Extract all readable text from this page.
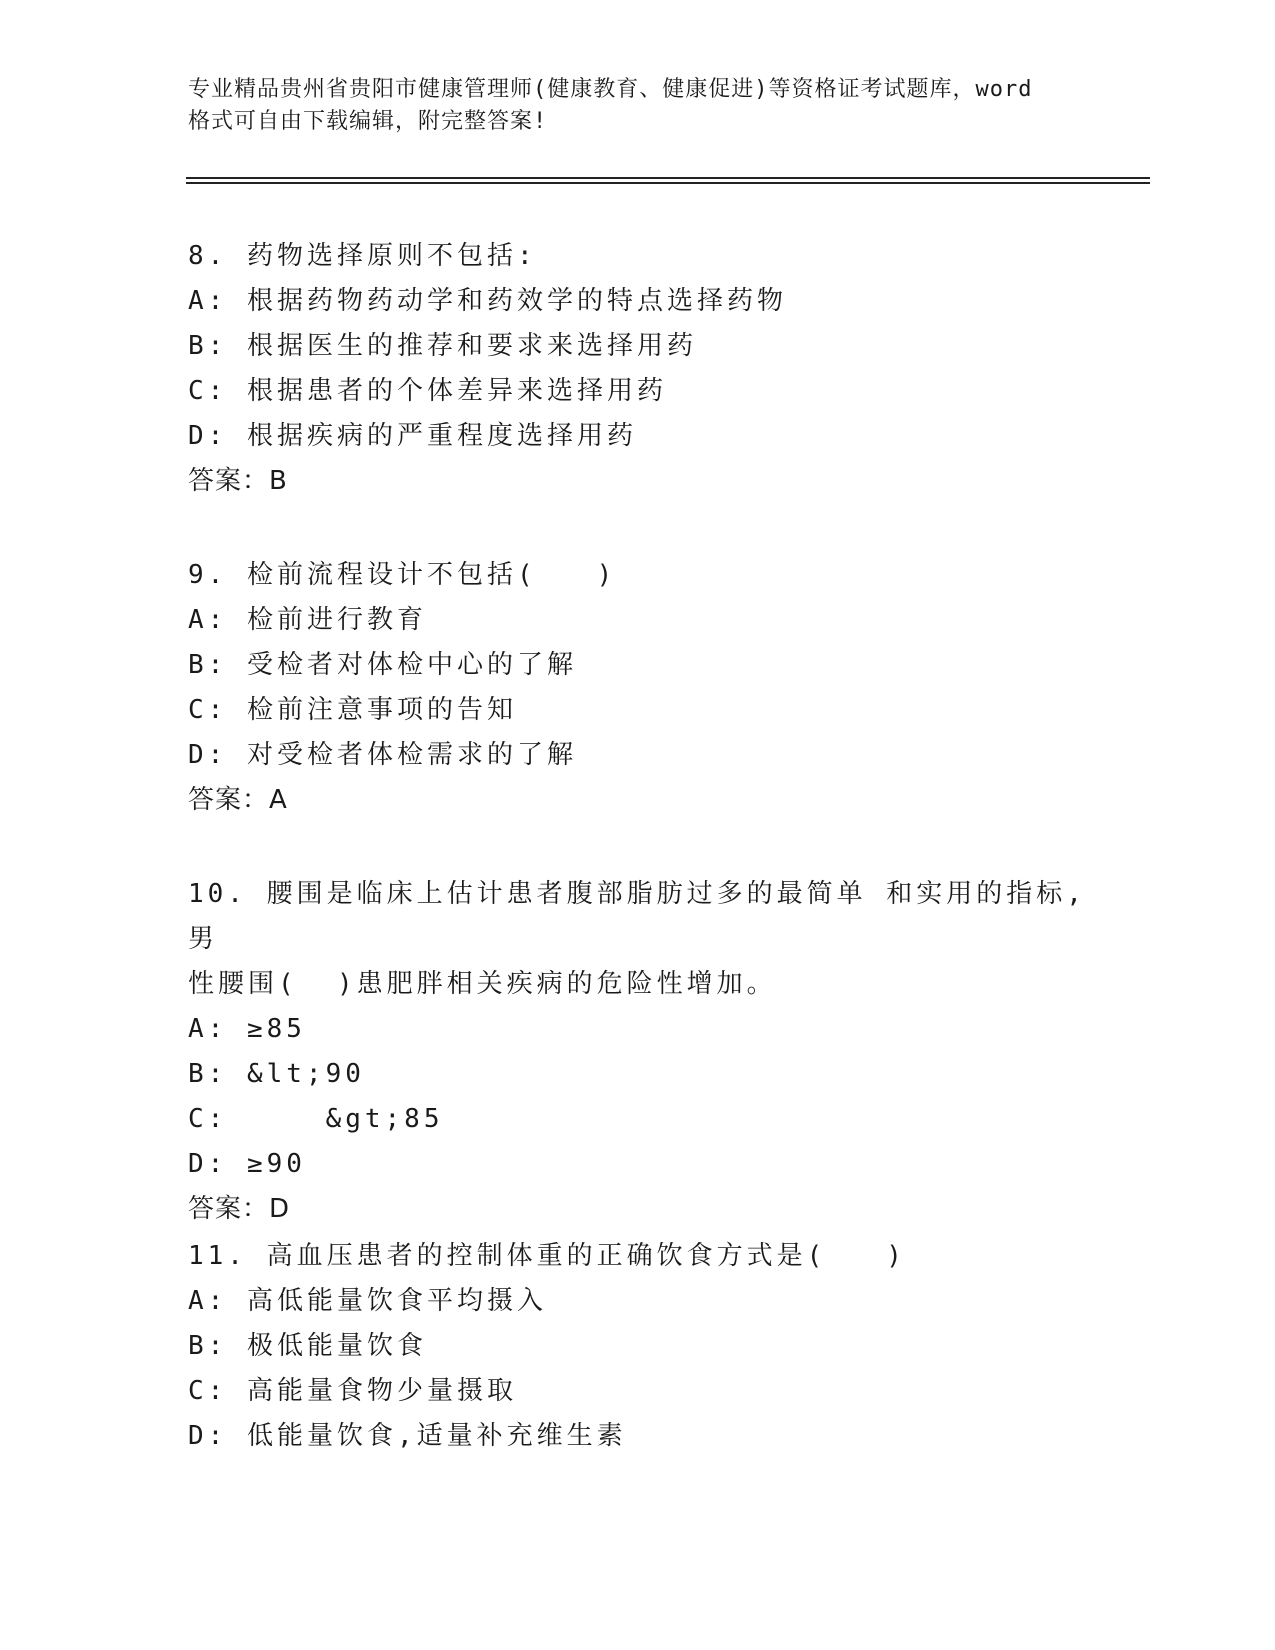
专业精品贵州省贵阳市健康管理师(健康教育、健康促进)等资格证考试题库，word
格式可自由下载编辑，附完整答案!
8. 药物选择原则不包括:
A: 根据药物药动学和药效学的特点选择药物
B: 根据医生的推荐和要求来选择用药
C: 根据患者的个体差异来选择用药
D: 根据疾病的严重程度选择用药
答案：B
9. 检前流程设计不包括(　　)
A: 检前进行教育
B: 受检者对体检中心的了解
C: 检前注意事项的告知
D: 对受检者体检需求的了解
答案：A
10. 腰围是临床上估计患者腹部脂肪过多的最简单 和实用的指标,男
性腰围(  )患肥胖相关疾病的危险性增加。
A: ≥85
B: &lt;90
C:     &gt;85
D: ≥90
答案：D
11. 高血压患者的控制体重的正确饮食方式是(　　)
A: 高低能量饮食平均摄入
B: 极低能量饮食
C: 高能量食物少量摄取
D: 低能量饮食,适量补充维生素
